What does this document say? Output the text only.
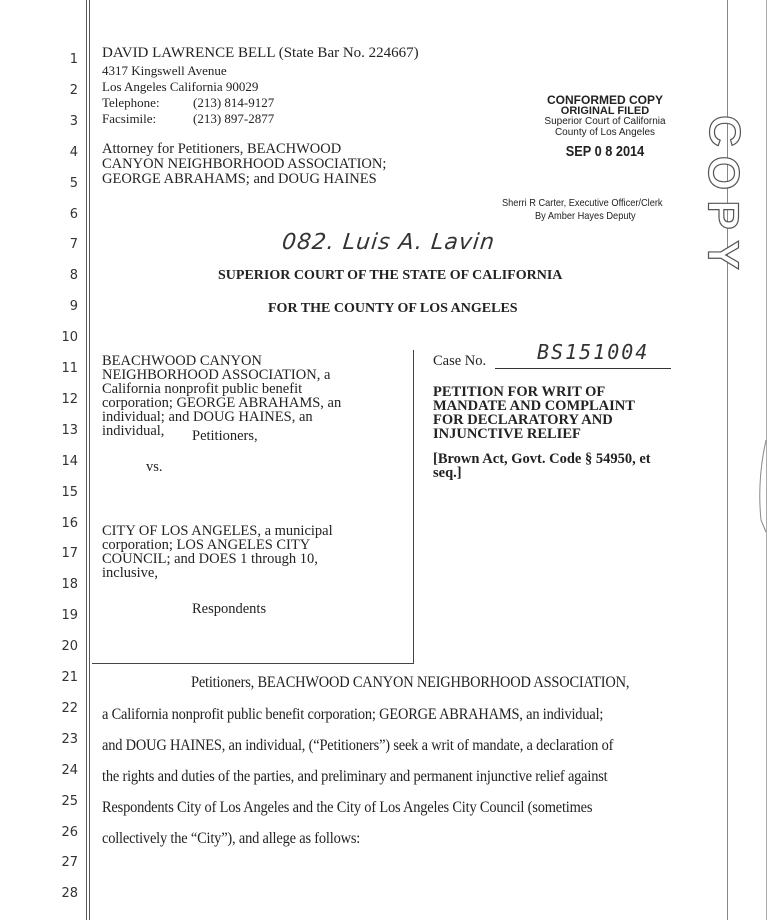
1
2
3
4
5
6
7
8
9
10
11
12
13
14
15
16
17
18
19
20
21
22
23
24
25
26
27
28
DAVID LAWRENCE BELL (State Bar No. 224667)
4317 Kingswell Avenue
Los Angeles California 90029
Telephone:	(213) 814-9127
Facsimile:	(213) 897-2877
Attorney for Petitioners, BEACHWOOD
CANYON NEIGHBORHOOD ASSOCIATION;
GEORGE ABRAHAMS; and DOUG HAINES
CONFORMED COPY
ORIGINAL FILED
Superior Court of California
County of Los Angeles
SEP 0 8 2014
Sherri R Carter, Executive Officer/Clerk
By Amber Hayes Deputy
C
O
P
Y
082. Luis A. Lavin
SUPERIOR COURT OF THE STATE OF CALIFORNIA
FOR THE COUNTY OF LOS ANGELES
BEACHWOOD CANYON
NEIGHBORHOOD ASSOCIATION, a
California nonprofit public benefit
corporation; GEORGE ABRAHAMS, an
individual; and DOUG HAINES, an
individual,	Petitioners,
vs.
CITY OF LOS ANGELES, a municipal
corporation; LOS ANGELES CITY
COUNCIL; and DOES 1 through 10,
inclusive,
Respondents
Case No.	BS151004
PETITION FOR WRIT OF
MANDATE AND COMPLAINT
FOR DECLARATORY AND
INJUNCTIVE RELIEF
[Brown Act, Govt. Code § 54950, et
seq.]
Petitioners, BEACHWOOD CANYON NEIGHBORHOOD ASSOCIATION,
a California nonprofit public benefit corporation; GEORGE ABRAHAMS, an individual;
and DOUG HAINES, an individual, (“Petitioners”) seek a writ of mandate, a declaration of
the rights and duties of the parties, and preliminary and permanent injunctive relief against
Respondents City of Los Angeles and the City of Los Angeles City Council (sometimes
collectively the “City”), and allege as follows:
